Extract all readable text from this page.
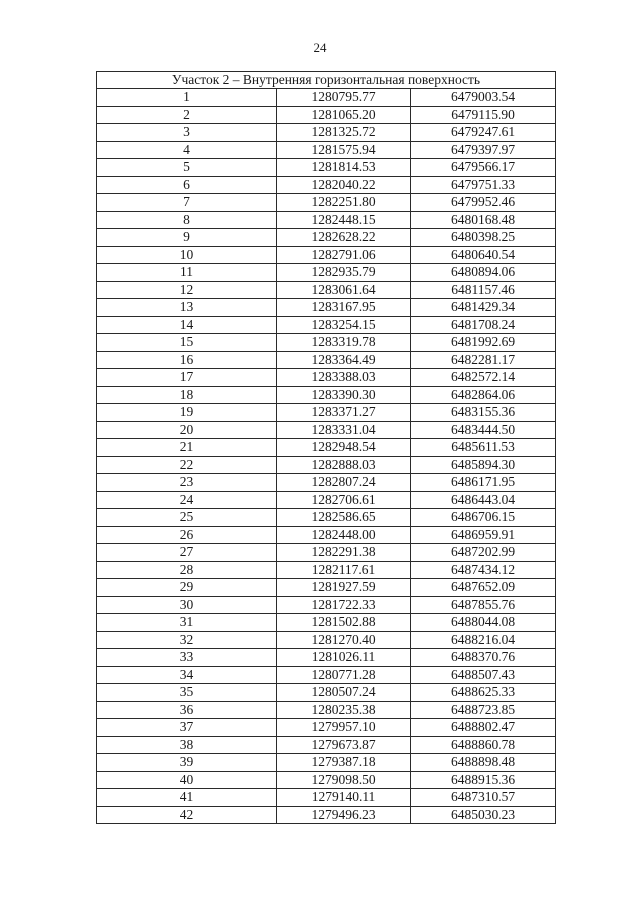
24
Участок 2 – Внутренняя горизонтальная поверхность		
1	1280795.77	6479003.54
2	1281065.20	6479115.90
3	1281325.72	6479247.61
4	1281575.94	6479397.97
5	1281814.53	6479566.17
6	1282040.22	6479751.33
7	1282251.80	6479952.46
8	1282448.15	6480168.48
9	1282628.22	6480398.25
10	1282791.06	6480640.54
11	1282935.79	6480894.06
12	1283061.64	6481157.46
13	1283167.95	6481429.34
14	1283254.15	6481708.24
15	1283319.78	6481992.69
16	1283364.49	6482281.17
17	1283388.03	6482572.14
18	1283390.30	6482864.06
19	1283371.27	6483155.36
20	1283331.04	6483444.50
21	1282948.54	6485611.53
22	1282888.03	6485894.30
23	1282807.24	6486171.95
24	1282706.61	6486443.04
25	1282586.65	6486706.15
26	1282448.00	6486959.91
27	1282291.38	6487202.99
28	1282117.61	6487434.12
29	1281927.59	6487652.09
30	1281722.33	6487855.76
31	1281502.88	6488044.08
32	1281270.40	6488216.04
33	1281026.11	6488370.76
34	1280771.28	6488507.43
35	1280507.24	6488625.33
36	1280235.38	6488723.85
37	1279957.10	6488802.47
38	1279673.87	6488860.78
39	1279387.18	6488898.48
40	1279098.50	6488915.36
41	1279140.11	6487310.57
42	1279496.23	6485030.23
